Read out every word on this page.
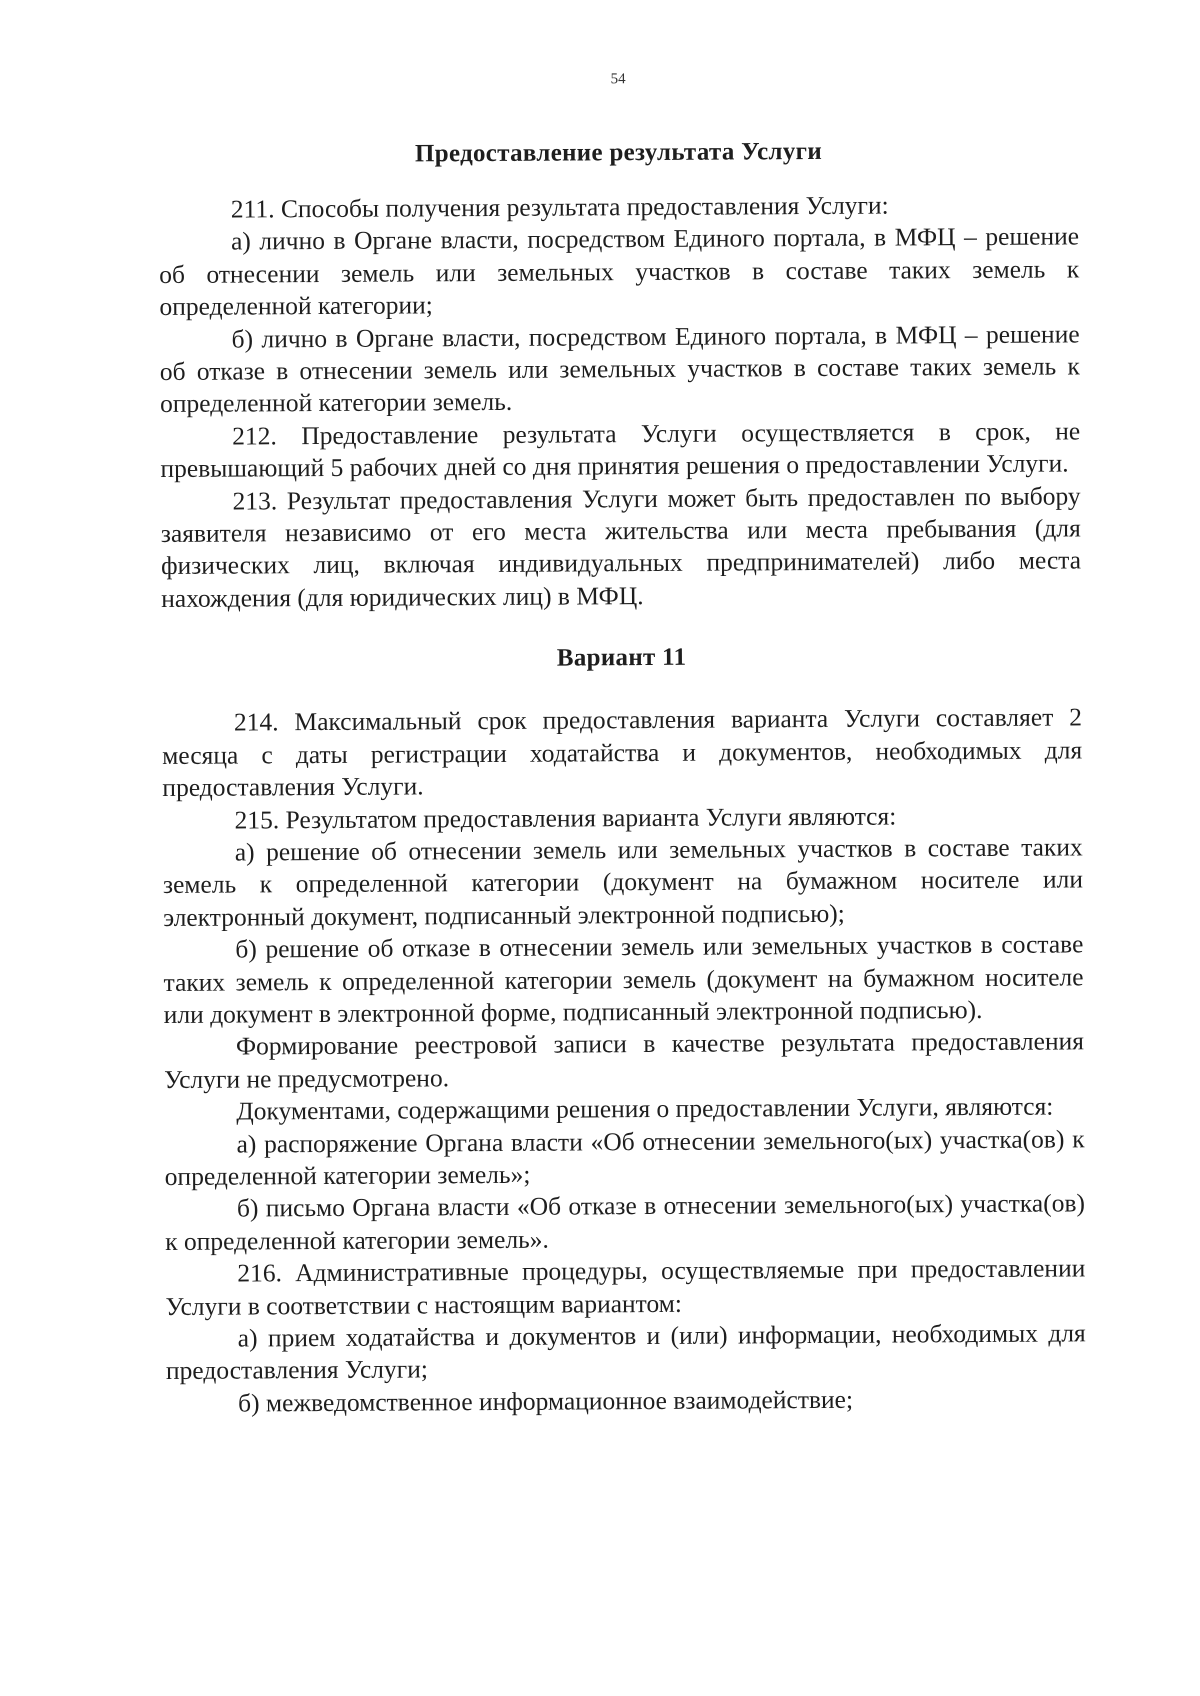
54
Предоставление результата Услуги

211. Способы получения результата предоставления Услуги:

а) лично в Органе власти, посредством Единого портала, в МФЦ – решение об отнесении земель или земельных участков в составе таких земель к определенной категории;

б) лично в Органе власти, посредством Единого портала, в МФЦ – решение об отказе в отнесении земель или земельных участков в составе таких земель к определенной категории земель.

212. Предоставление результата Услуги осуществляется в срок, не превышающий 5 рабочих дней со дня принятия решения о предоставлении Услуги.

213. Результат предоставления Услуги может быть предоставлен по выбору заявителя независимо от его места жительства или места пребывания (для физических лиц, включая индивидуальных предпринимателей) либо места нахождения (для юридических лиц) в МФЦ.

Вариант 11

214. Максимальный срок предоставления варианта Услуги составляет 2 месяца с даты регистрации ходатайства и документов, необходимых для предоставления Услуги.

215. Результатом предоставления варианта Услуги являются:

а) решение об отнесении земель или земельных участков в составе таких земель к определенной категории (документ на бумажном носителе или электронный документ, подписанный электронной подписью);

б) решение об отказе в отнесении земель или земельных участков в составе таких земель к определенной категории земель (документ на бумажном носителе или документ в электронной форме, подписанный электронной подписью).

Формирование реестровой записи в качестве результата предоставления Услуги не предусмотрено.

Документами, содержащими решения о предоставлении Услуги, являются:

а) распоряжение Органа власти «Об отнесении земельного(ых) участка(ов) к определенной категории земель»;

б) письмо Органа власти «Об отказе в отнесении земельного(ых) участка(ов) к определенной категории земель».

216. Административные процедуры, осуществляемые при предоставлении Услуги в соответствии с настоящим вариантом:

а) прием ходатайства и документов и (или) информации, необходимых для предоставления Услуги;

б) межведомственное информационное взаимодействие;
